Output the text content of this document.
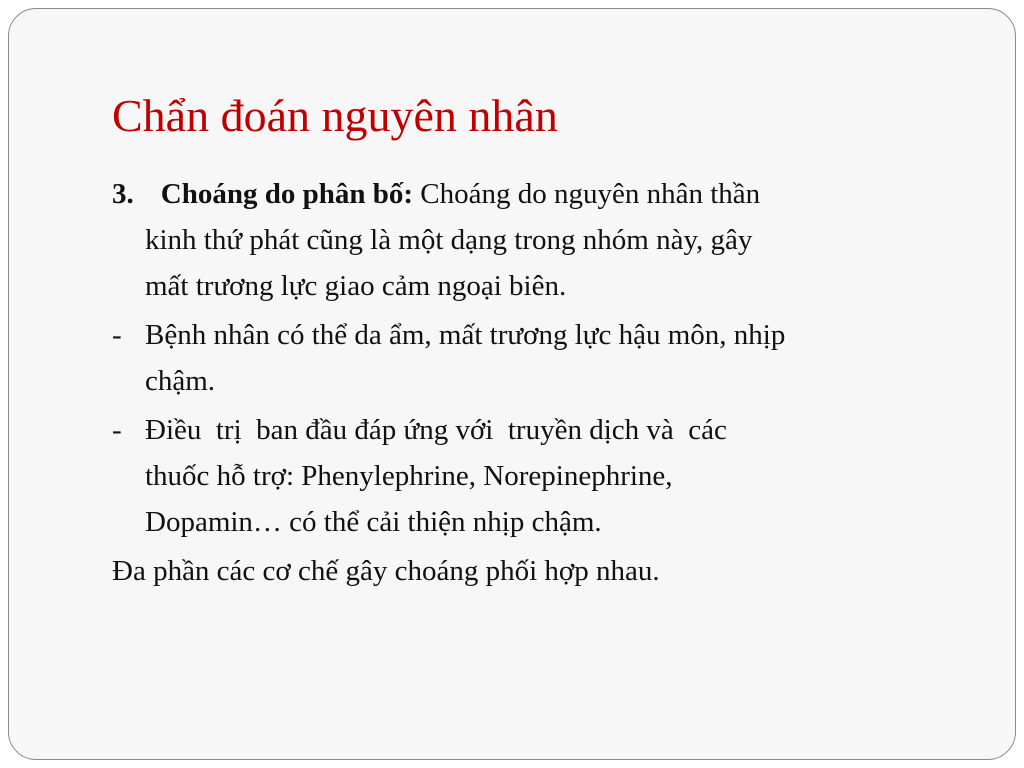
Chẩn đoán nguyên nhân
3. Choáng do phân bố: Choáng do nguyên nhân thần
kinh thứ phát cũng là một dạng trong nhóm này, gây
mất trương lực giao cảm ngoại biên.
- Bệnh nhân có thể da ẩm, mất trương lực hậu môn, nhịp
chậm.
- Điều  trị  ban đầu đáp ứng với  truyền dịch và  các
thuốc hỗ trợ: Phenylephrine, Norepinephrine,
Dopamin… có thể cải thiện nhịp chậm.
Đa phần các cơ chế gây choáng phối hợp nhau.
